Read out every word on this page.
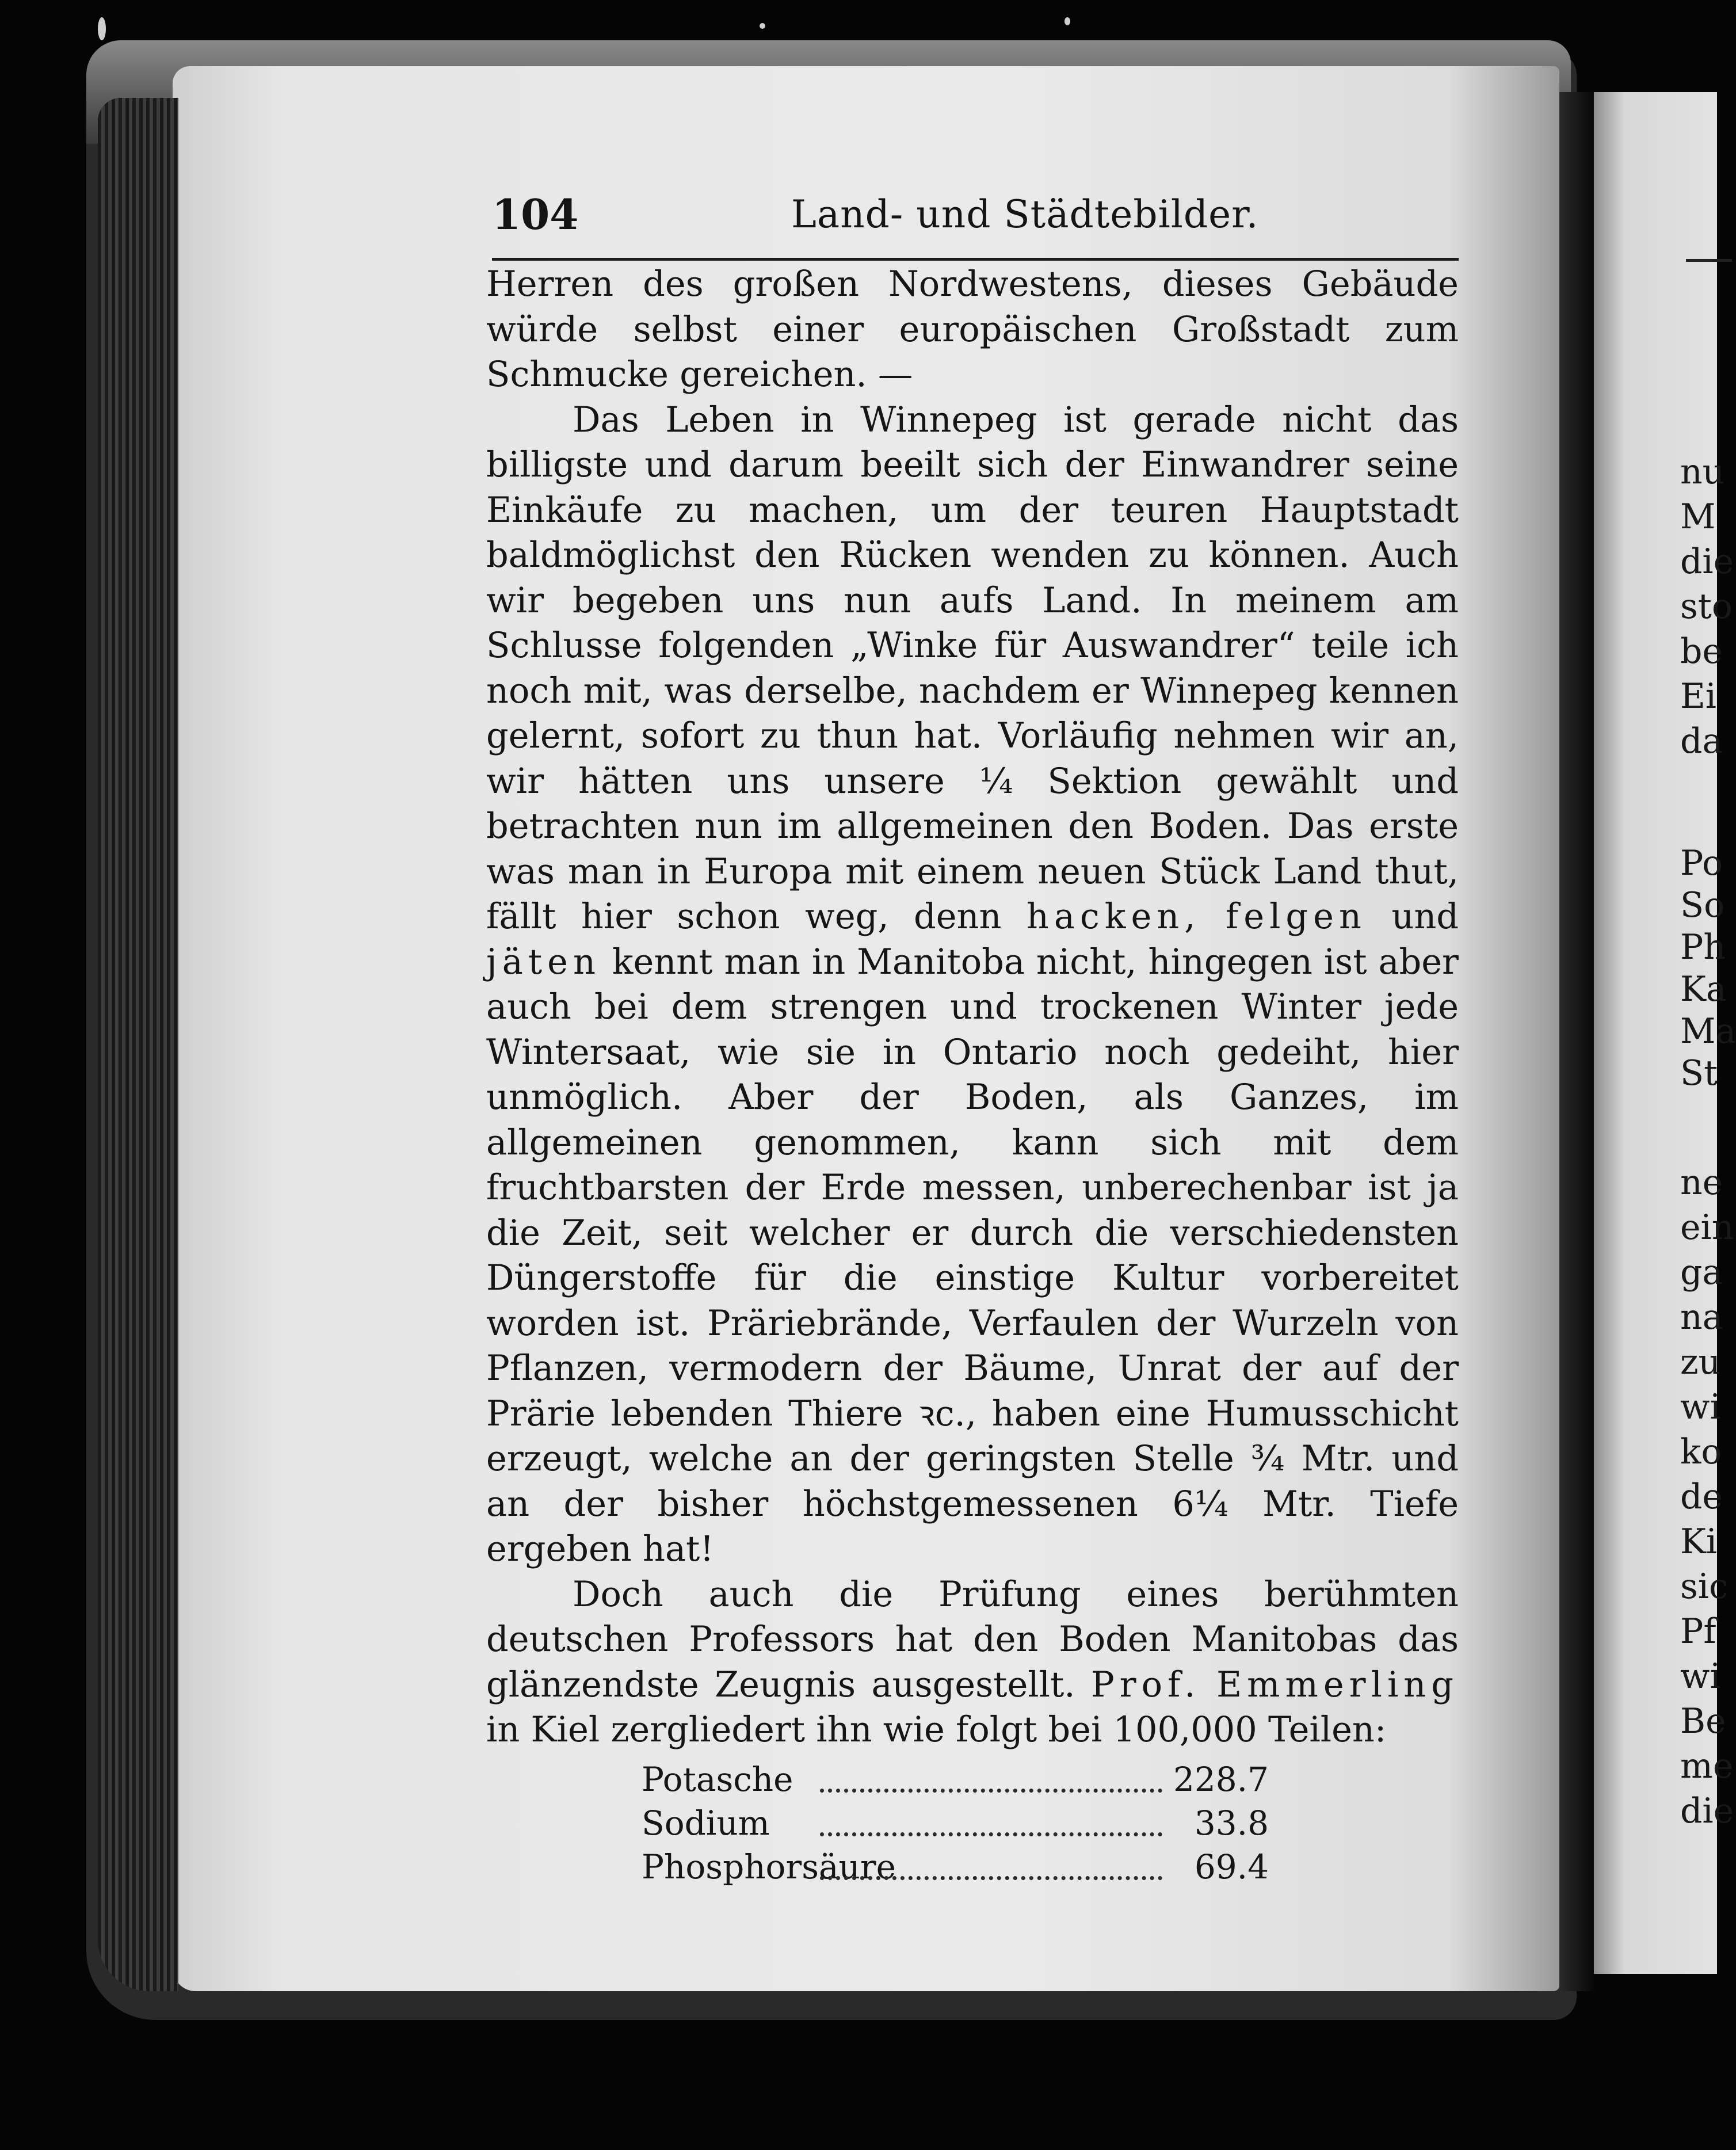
nu
M
die
sto
be
Ei
da
Po
So
Ph
Ka
Ma
St
ne
ein
ga
na
zu
wi
ko
de
Ki
sic
Pf
wi
Be
me
die
104	Land- und Städtebilder.

Herren des großen Nordwestens, dieses Gebäude würde selbst einer europäischen Großstadt zum Schmucke gereichen. —

Das Leben in Winnepeg ist gerade nicht das billigste und darum beeilt sich der Einwandrer seine Einkäufe zu machen, um der teuren Hauptstadt baldmöglichst den Rücken wenden zu können. Auch wir begeben uns nun aufs Land. In meinem am Schlusse folgenden „Winke für Auswandrer“ teile ich noch mit, was derselbe, nachdem er Winnepeg kennen gelernt, sofort zu thun hat. Vorläufig nehmen wir an, wir hätten uns unsere ¼ Sektion gewählt und betrachten nun im allgemeinen den Boden. Das erste was man in Europa mit einem neuen Stück Land thut, fällt hier schon weg, denn hacken, felgen und jäten kennt man in Manitoba nicht, hingegen ist aber auch bei dem strengen und trockenen Winter jede Wintersaat, wie sie in Ontario noch gedeiht, hier unmöglich. Aber der Boden, als Ganzes, im allgemeinen genommen, kann sich mit dem fruchtbarsten der Erde messen, unberechenbar ist ja die Zeit, seit welcher er durch die verschiedensten Düngerstoffe für die einstige Kultur vorbereitet worden ist. Präriebrände, Verfaulen der Wurzeln von Pflanzen, vermodern der Bäume, Unrat der auf der Prärie lebenden Thiere ꝛc., haben eine Humusschicht erzeugt, welche an der geringsten Stelle ¾ Mtr. und an der bisher höchstgemessenen 6¼ Mtr. Tiefe ergeben hat!

Doch auch die Prüfung eines berühmten deutschen Professors hat den Boden Manitobas das glänzendste Zeugnis ausgestellt. Prof. Emmerling in Kiel zergliedert ihn wie folgt bei 100,000 Teilen:

Potasche	228.7
Sodium	33.8
Phosphorsäure	69.4
